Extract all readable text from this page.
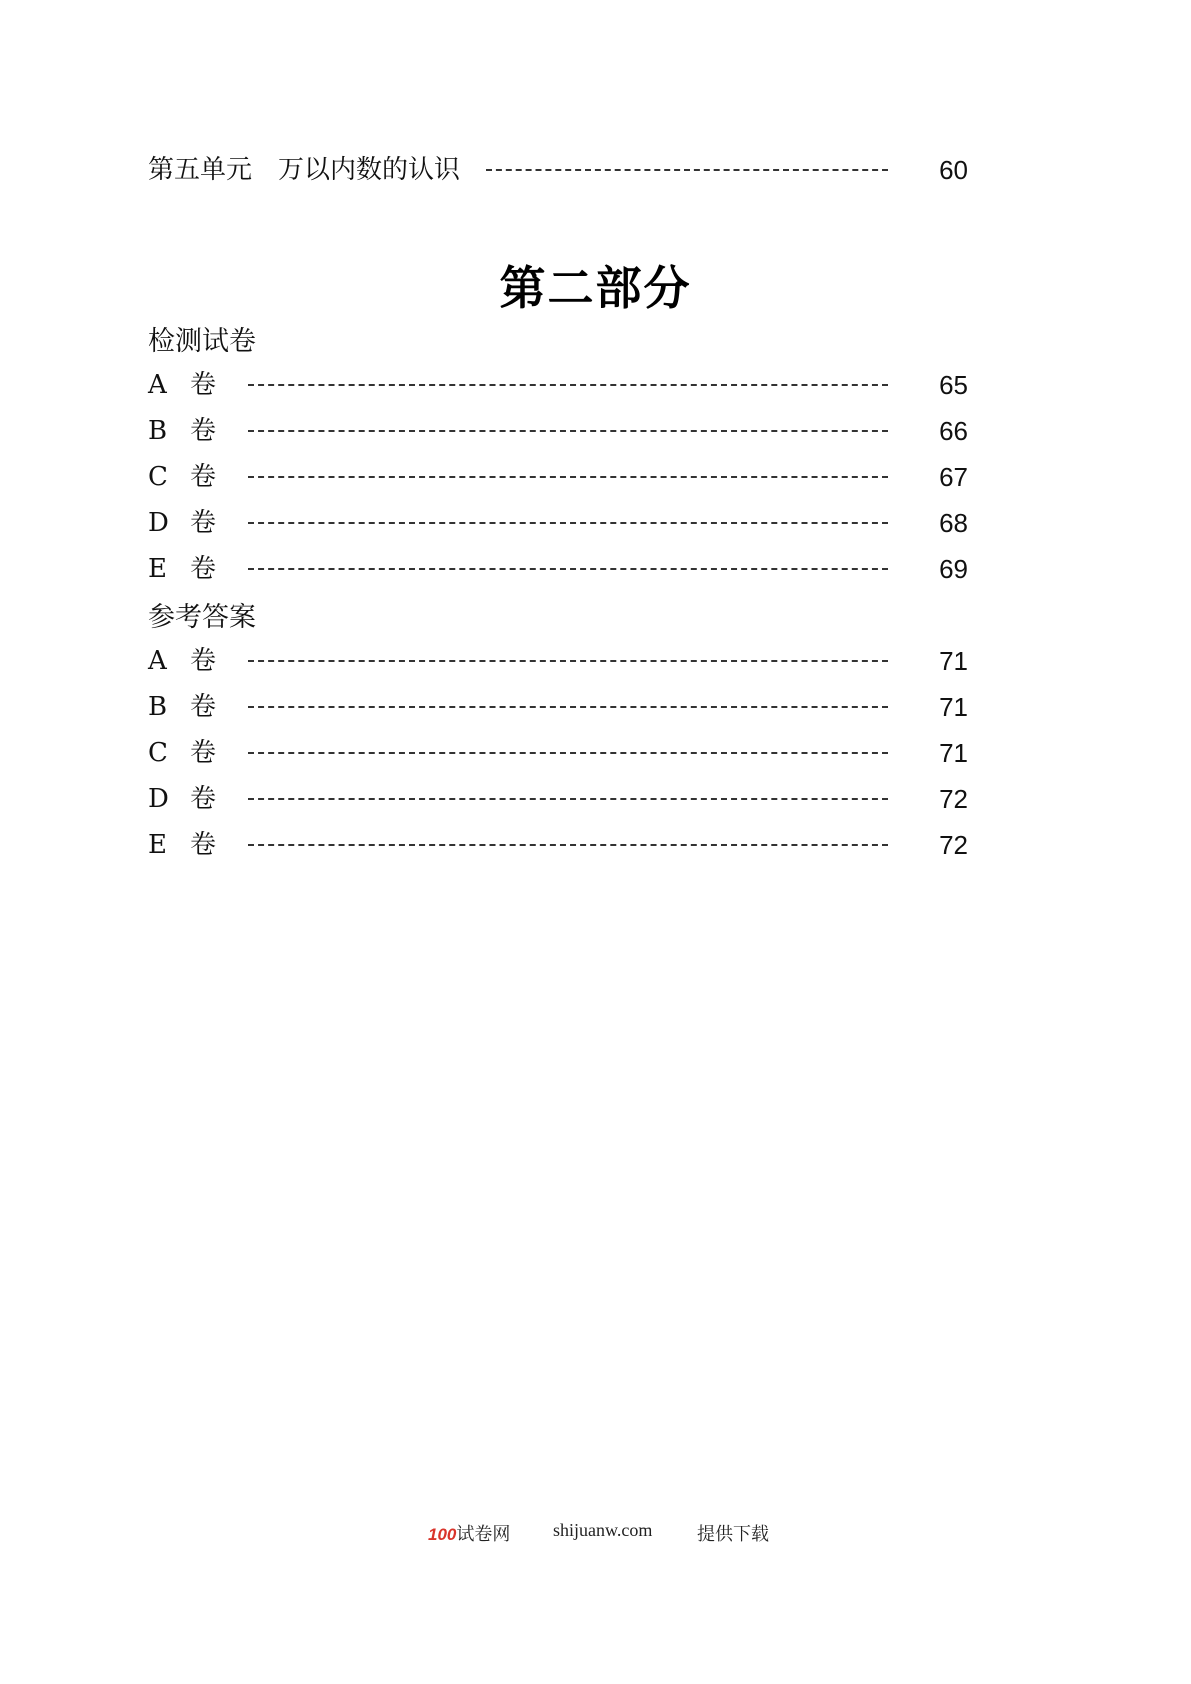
第五单元　万以内数的认识	60
第二部分
检测试卷
A 卷	65
B 卷	66
C 卷	67
D 卷	68
E 卷	69
参考答案
A 卷	71
B 卷	71
C 卷	71
D 卷	72
E 卷	72
100试卷网 shijuanw.com 提供下载
